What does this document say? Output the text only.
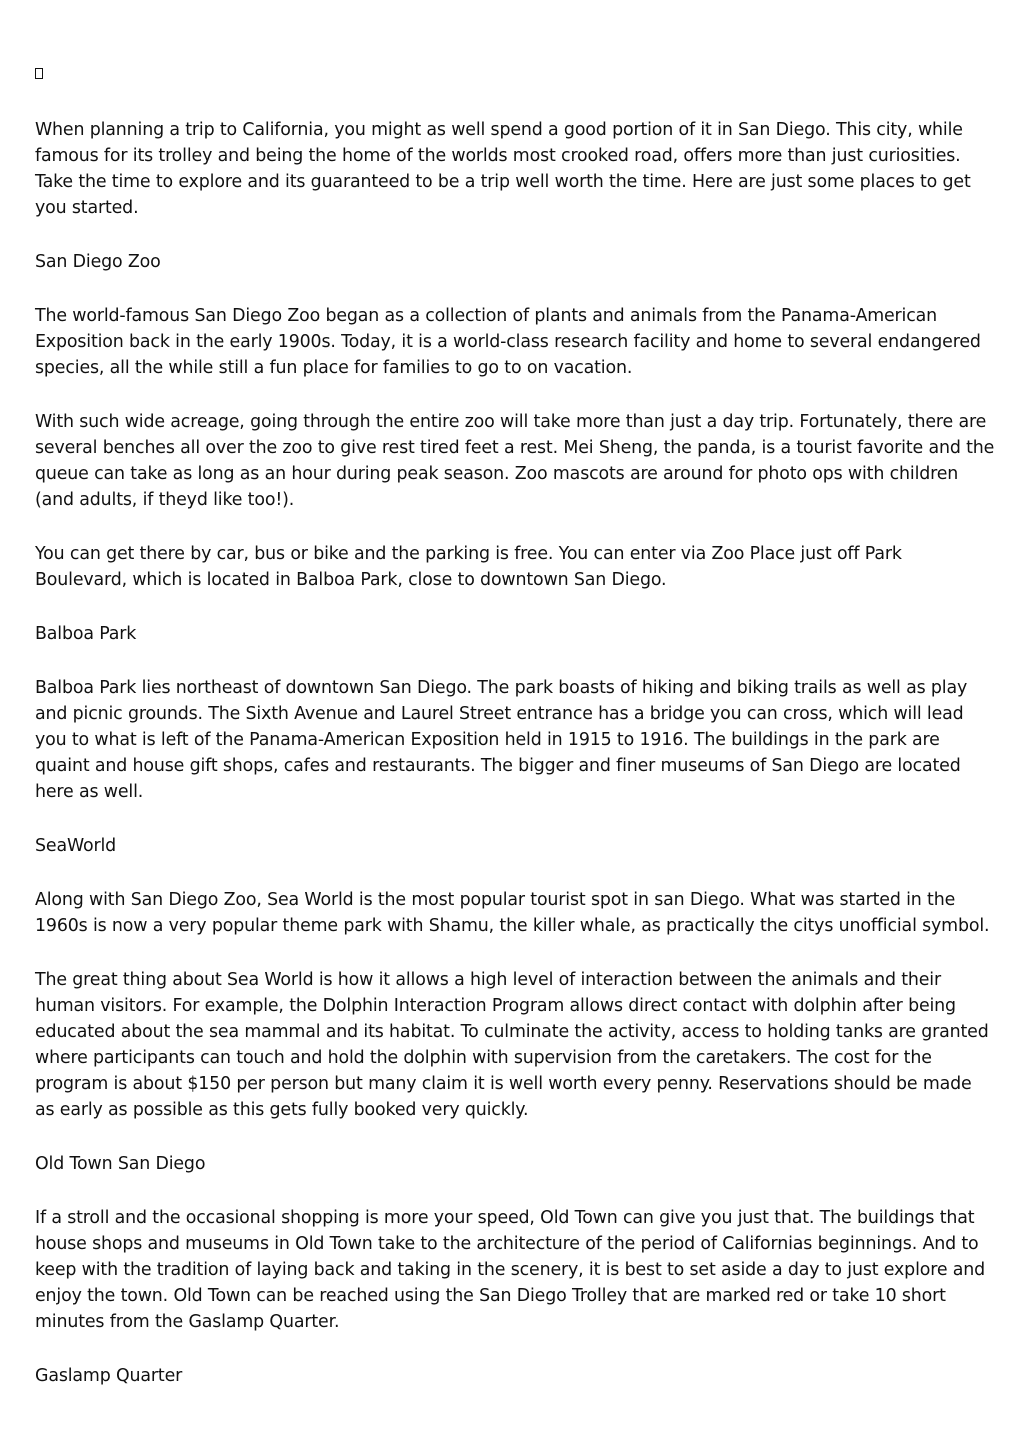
When planning a trip to California, you might as well spend a good portion of it in San Diego. This city, while famous for its trolley and being the home of the worlds most crooked road, offers more than just curiosities. Take the time to explore and its guaranteed to be a trip well worth the time. Here are just some places to get you started.

San Diego Zoo

The world-famous San Diego Zoo began as a collection of plants and animals from the Panama-American Exposition back in the early 1900s. Today, it is a world-class research facility and home to several endangered species, all the while still a fun place for families to go to on vacation.

With such wide acreage, going through the entire zoo will take more than just a day trip. Fortunately, there are several benches all over the zoo to give rest tired feet a rest. Mei Sheng, the panda, is a tourist favorite and the queue can take as long as an hour during peak season. Zoo mascots are around for photo ops with children (and adults, if theyd like too!).

You can get there by car, bus or bike and the parking is free. You can enter via Zoo Place just off Park Boulevard, which is located in Balboa Park, close to downtown San Diego.

Balboa Park

Balboa Park lies northeast of downtown San Diego. The park boasts of hiking and biking trails as well as play and picnic grounds. The Sixth Avenue and Laurel Street entrance has a bridge you can cross, which will lead you to what is left of the Panama-American Exposition held in 1915 to 1916. The buildings in the park are quaint and house gift shops, cafes and restaurants. The bigger and finer museums of San Diego are located here as well.

SeaWorld

Along with San Diego Zoo, Sea World is the most popular tourist spot in san Diego. What was started in the 1960s is now a very popular theme park with Shamu, the killer whale, as practically the citys unofficial symbol.

The great thing about Sea World is how it allows a high level of interaction between the animals and their human visitors. For example, the Dolphin Interaction Program allows direct contact with dolphin after being educated about the sea mammal and its habitat. To culminate the activity, access to holding tanks are granted where participants can touch and hold the dolphin with supervision from the caretakers. The cost for the program is about $150 per person but many claim it is well worth every penny. Reservations should be made as early as possible as this gets fully booked very quickly.

Old Town San Diego

If a stroll and the occasional shopping is more your speed, Old Town can give you just that. The buildings that house shops and museums in Old Town take to the architecture of the period of Californias beginnings. And to keep with the tradition of laying back and taking in the scenery, it is best to set aside a day to just explore and enjoy the town. Old Town can be reached using the San Diego Trolley that are marked red or take 10 short minutes from the Gaslamp Quarter.

Gaslamp Quarter
